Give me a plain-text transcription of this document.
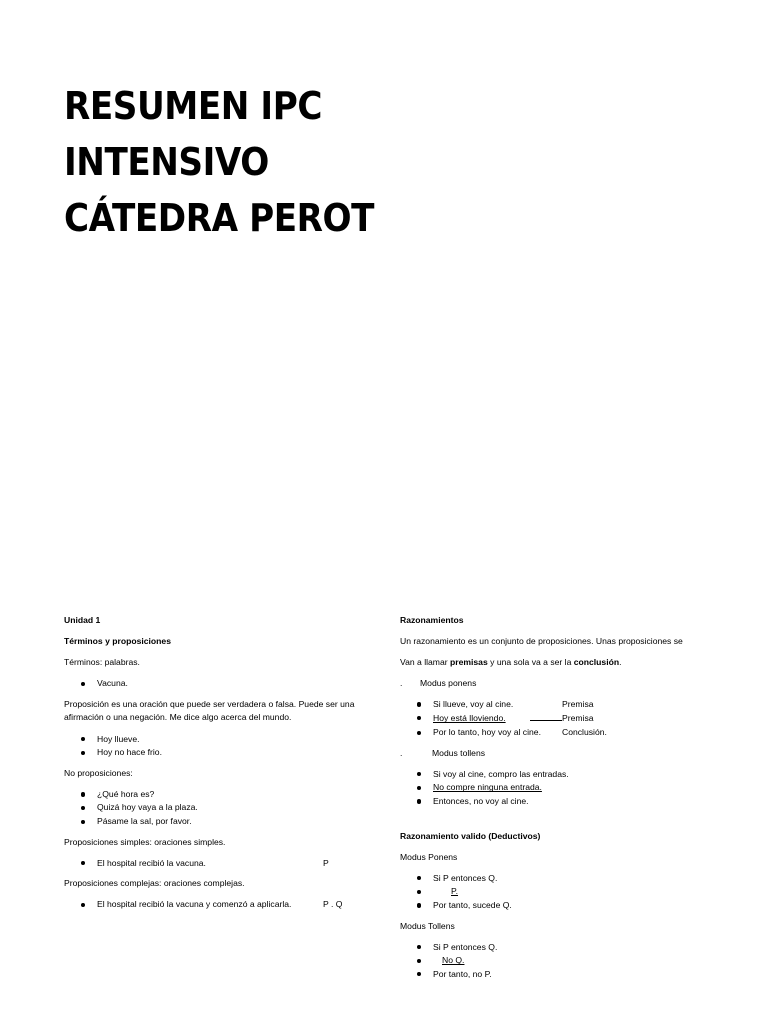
RESUMEN IPC
INTENSIVO
CÁTEDRA PEROT

Unidad 1

Términos y proposiciones

Términos: palabras.

Vacuna.

Proposición es una oración que puede ser verdadera o falsa. Puede ser una afirmación o una negación. Me dice algo acerca del mundo.

Hoy llueve.
Hoy no hace frio.

No proposiciones:

¿Qué hora es?
Quizá hoy vaya a la plaza.
Pásame la sal, por favor.

Proposiciones simples: oraciones simples.

El hospital recibió la vacuna.	P

Proposiciones complejas: oraciones complejas.

El hospital recibió la vacuna y comenzó a aplicarla.	P . Q

Razonamientos

Un razonamiento es un conjunto de proposiciones. Unas proposiciones se

Van a llamar premisas y una sola va a ser la conclusión.

. Modus ponens

Si llueve, voy al cine.	Premisa
Hoy está lloviendo.	Premisa
Por lo tanto, hoy voy al cine. Conclusión.

.	Modus tollens

Si voy al cine, compro las entradas.
No compre ninguna entrada.
Entonces, no voy al cine.

Razonamiento valido (Deductivos)

Modus Ponens

Si P entonces Q.
P.
Por tanto, sucede Q.

Modus Tollens

Si P entonces Q.
No Q.
Por tanto, no P.
